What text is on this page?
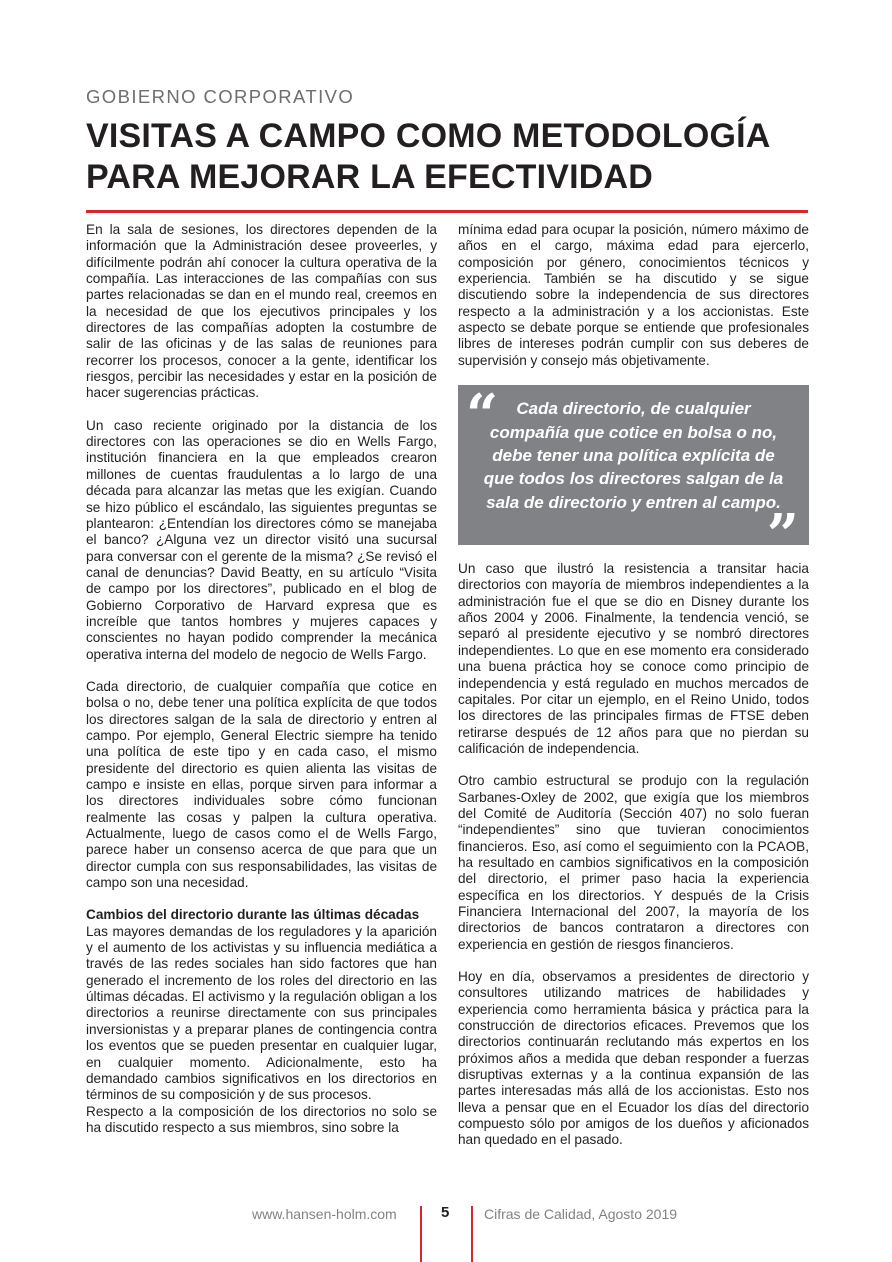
GOBIERNO CORPORATIVO
VISITAS A CAMPO COMO METODOLOGÍA
PARA MEJORAR LA EFECTIVIDAD

En la sala de sesiones, los directores dependen de la información que la Administración desee proveerles, y difícilmente podrán ahí conocer la cultura operativa de la compañía. Las interacciones de las compañías con sus partes relacionadas se dan en el mundo real, creemos en la necesidad de que los ejecutivos principales y los directores de las compañías adopten la costumbre de salir de las oficinas y de las salas de reuniones para recorrer los procesos, conocer a la gente, identificar los riesgos, percibir las necesidades y estar en la posición de hacer sugerencias prácticas.

Un caso reciente originado por la distancia de los directores con las operaciones se dio en Wells Fargo, institución financiera en la que empleados crearon millones de cuentas fraudulentas a lo largo de una década para alcanzar las metas que les exigían. Cuando se hizo público el escándalo, las siguientes preguntas se plantearon: ¿Entendían los directores cómo se manejaba el banco? ¿Alguna vez un director visitó una sucursal para conversar con el gerente de la misma? ¿Se revisó el canal de denuncias? David Beatty, en su artículo “Visita de campo por los directores”, publicado en el blog de Gobierno Corporativo de Harvard expresa que es increíble que tantos hombres y mujeres capaces y conscientes no hayan podido comprender la mecánica operativa interna del modelo de negocio de Wells Fargo.

Cada directorio, de cualquier compañía que cotice en bolsa o no, debe tener una política explícita de que todos los directores salgan de la sala de directorio y entren al campo. Por ejemplo, General Electric siempre ha tenido una política de este tipo y en cada caso, el mismo presidente del directorio es quien alienta las visitas de campo e insiste en ellas, porque sirven para informar a los directores individuales sobre cómo funcionan realmente las cosas y palpen la cultura operativa. Actualmente, luego de casos como el de Wells Fargo, parece haber un consenso acerca de que para que un director cumpla con sus responsabilidades, las visitas de campo son una necesidad.

Cambios del directorio durante las últimas décadas

Las mayores demandas de los reguladores y la aparición y el aumento de los activistas y su influencia mediática a través de las redes sociales han sido factores que han generado el incremento de los roles del directorio en las últimas décadas. El activismo y la regulación obligan a los directorios a reunirse directamente con sus principales inversionistas y a preparar planes de contingencia contra los eventos que se pueden presentar en cualquier lugar, en cualquier momento. Adicionalmente, esto ha demandado cambios significativos en los directorios en términos de su composición y de sus procesos.

Respecto a la composición de los directorios no solo se ha discutido respecto a sus miembros, sino sobre la

mínima edad para ocupar la posición, número máximo de años en el cargo, máxima edad para ejercerlo, composición por género, conocimientos técnicos y experiencia. También se ha discutido y se sigue discutiendo sobre la independencia de sus directores respecto a la administración y a los accionistas. Este aspecto se debate porque se entiende que profesionales libres de intereses podrán cumplir con sus deberes de supervisión y consejo más objetivamente.

“	Cada directorio, de cualquier compañía que cotice en bolsa o no, debe tener una política explícita de que todos los directores salgan de la sala de directorio y entren al campo.
”

Un caso que ilustró la resistencia a transitar hacia directorios con mayoría de miembros independientes a la administración fue el que se dio en Disney durante los años 2004 y 2006. Finalmente, la tendencia venció, se separó al presidente ejecutivo y se nombró directores independientes. Lo que en ese momento era considerado una buena práctica hoy se conoce como principio de independencia y está regulado en muchos mercados de capitales. Por citar un ejemplo, en el Reino Unido, todos los directores de las principales firmas de FTSE deben retirarse después de 12 años para que no pierdan su calificación de independencia.

Otro cambio estructural se produjo con la regulación Sarbanes-Oxley de 2002, que exigía que los miembros del Comité de Auditoría (Sección 407) no solo fueran “independientes” sino que tuvieran conocimientos financieros. Eso, así como el seguimiento con la PCAOB, ha resultado en cambios significativos en la composición del directorio, el primer paso hacia la experiencia específica en los directorios. Y después de la Crisis Financiera Internacional del 2007, la mayoría de los directorios de bancos contrataron a directores con experiencia en gestión de riesgos financieros.

Hoy en día, observamos a presidentes de directorio y consultores utilizando matrices de habilidades y experiencia como herramienta básica y práctica para la construcción de directorios eficaces. Prevemos que los directorios continuarán reclutando más expertos en los próximos años a medida que deban responder a fuerzas disruptivas externas y a la continua expansión de las partes interesadas más allá de los accionistas. Esto nos lleva a pensar que en el Ecuador los días del directorio compuesto sólo por amigos de los dueños y aficionados han quedado en el pasado.

www.hansen-holm.com	5 Cifras de Calidad, Agosto 2019
